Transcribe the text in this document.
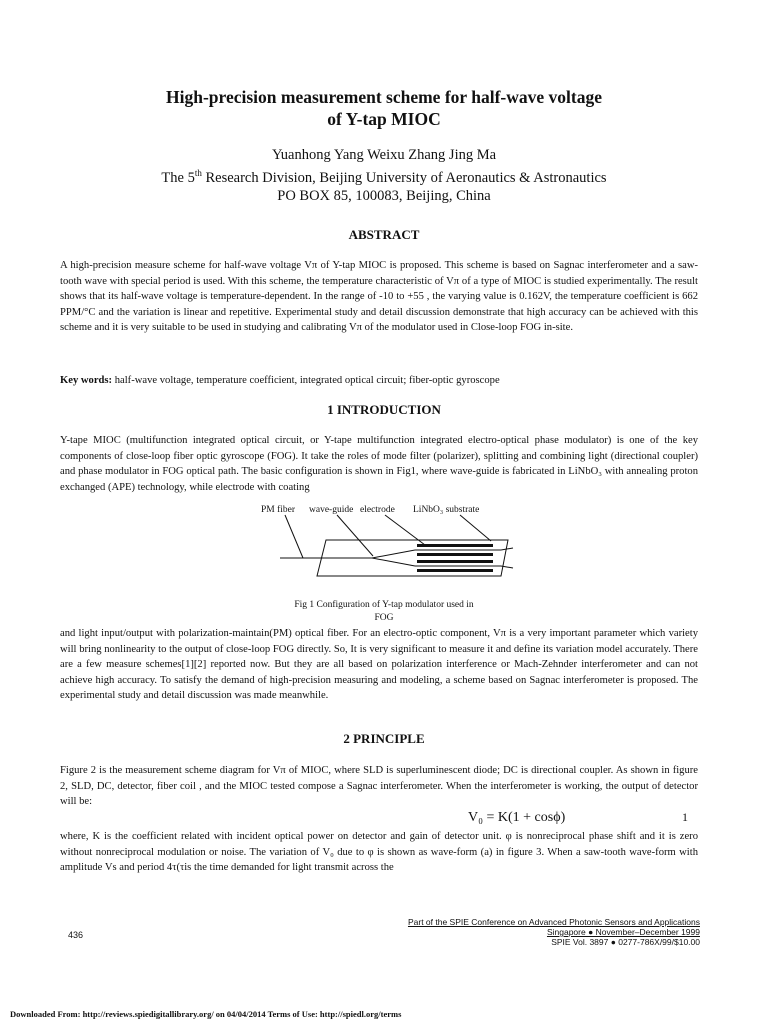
High-precision measurement scheme for half-wave voltage
of Y-tap MIOC
Yuanhong Yang Weixu Zhang Jing Ma
The 5th Research Division, Beijing University of Aeronautics & Astronautics
PO BOX 85, 100083, Beijing, China
ABSTRACT

A high-precision measure scheme for half-wave voltage Vπ of Y-tap MIOC is proposed. This scheme is based on Sagnac interferometer and a saw-tooth wave with special period is used. With this scheme, the temperature characteristic of Vπ of a type of MIOC is studied experimentally. The result shows that its half-wave voltage is temperature-dependent. In the range of -10 to +55 , the varying value is 0.162V, the temperature coefficient is 662 PPM/°C and the variation is linear and repetitive. Experimental study and detail discussion demonstrate that high accuracy can be achieved with this scheme and it is very suitable to be used in studying and calibrating Vπ of the modulator used in Close-loop FOG in-site.

Key words: half-wave voltage, temperature coefficient, integrated optical circuit; fiber-optic gyroscope
1 INTRODUCTION

Y-tape MIOC (multifunction integrated optical circuit, or Y-tape multifunction integrated electro-optical phase modulator) is one of the key components of close-loop fiber optic gyroscope (FOG). It take the roles of mode filter (polarizer), splitting and combining light (directional coupler) and phase modulator in FOG optical path. The basic configuration is shown in Fig1, where wave-guide is fabricated in LiNbO₃ with annealing proton exchanged (APE) technology, while electrode with coating

PM fiber wave-guide electrode LiNbO₃ substrate
Fig 1 Configuration of Y-tap modulator used in
FOG

and light input/output with polarization-maintain(PM) optical fiber. For an electro-optic component, Vπ is a very important parameter which variety will bring nonlinearity to the output of close-loop FOG directly. So, It is very significant to measure it and define its variation model accurately. There are a few measure schemes[1][2] reported now. But they are all based on polarization interference or Mach-Zehnder interferometer and can not achieve high accuracy. To satisfy the demand of high-precision measuring and modeling, a scheme based on Sagnac interferometer is proposed. The experimental study and detail discussion was made meanwhile.

2 PRINCIPLE

Figure 2 is the measurement scheme diagram for Vπ of MIOC, where SLD is superluminescent diode; DC is directional coupler. As shown in figure 2, SLD, DC, detector, fiber coil , and the MIOC tested compose a Sagnac interferometer. When the interferometer is working, the output of detector will be:

V₀ = K(1 + cosϕ)	1

where, K is the coefficient related with incident optical power on detector and gain of detector unit. φ is nonreciprocal phase shift and it is zero without nonreciprocal modulation or noise. The variation of V₀ due to φ is shown as wave-form (a) in figure 3. When a saw-tooth wave-form with amplitude Vs and period 4τ(τis the time demanded for light transmit across the

436
Part of the SPIE Conference on Advanced Photonic Sensors and Applications
Singapore ● November–December 1999
SPIE Vol. 3897 ● 0277-786X/99/$10.00
Downloaded From: http://reviews.spiedigitallibrary.org/ on 04/04/2014 Terms of Use: http://spiedl.org/terms
